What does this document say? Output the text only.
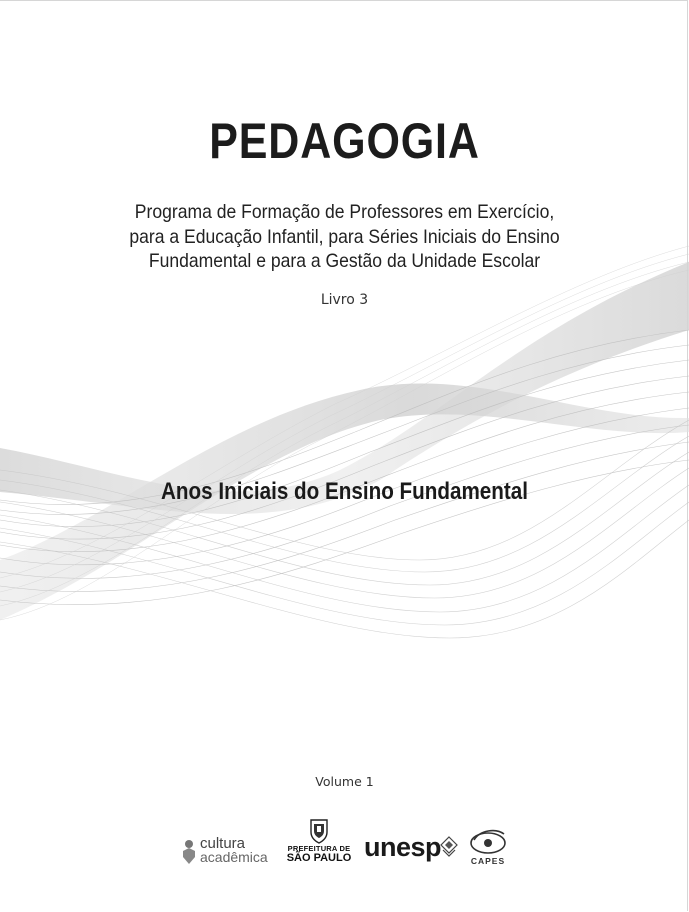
PEDAGOGIA
Programa de Formação de Professores em Exercício,
para a Educação Infantil, para Séries Iniciais do Ensino
Fundamental e para a Gestão da Unidade Escolar
Livro 3
Anos Iniciais do Ensino Fundamental
Volume 1
cultura
acadêmica
PREFEITURA DE
SÃO PAULO unesp	CAPES
